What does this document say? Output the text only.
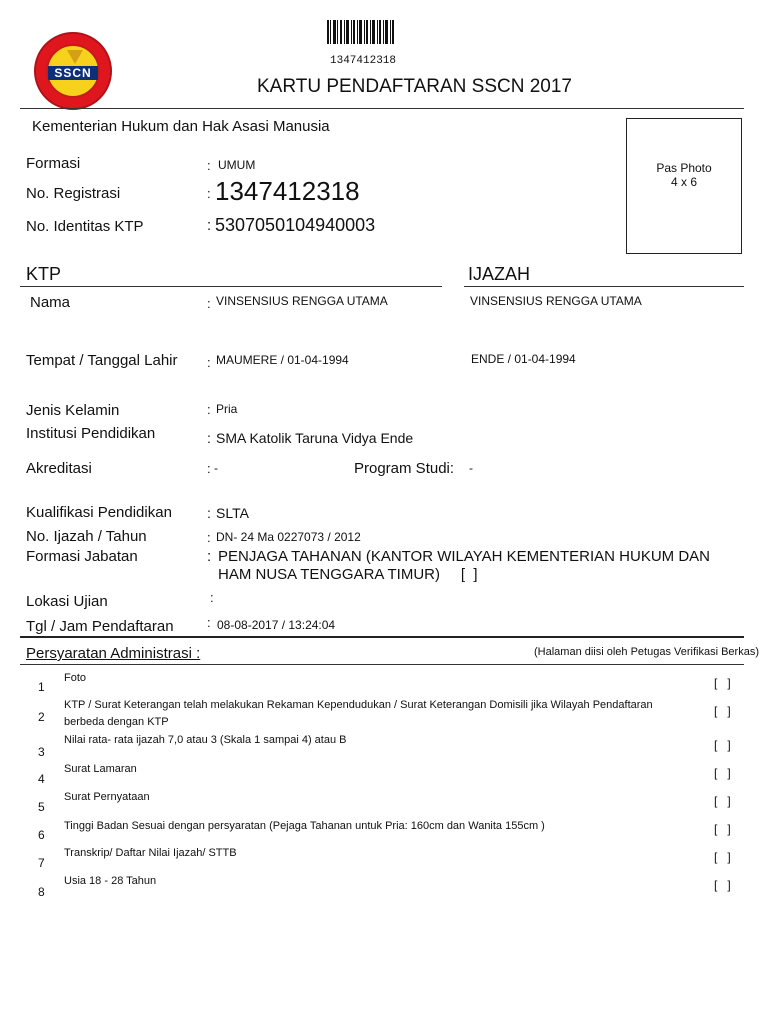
SSCN
1347412318
KARTU PENDAFTARAN SSCN 2017
Kementerian Hukum dan Hak Asasi Manusia
Pas Photo
4 x 6
Formasi	: UMUM
No. Registrasi	: 1347412318
No. Identitas KTP	: 5307050104940003
KTP	IJAZAH
Nama	: VINSENSIUS RENGGA UTAMA	VINSENSIUS RENGGA UTAMA
Tempat / Tanggal Lahir : MAUMERE / 01-04-1994	ENDE / 01-04-1994
Jenis Kelamin	: Pria
Institusi Pendidikan	: SMA Katolik Taruna Vidya Ende
Akreditasi	: -	Program Studi: -
Kualifikasi Pendidikan	: SLTA
No. Ijazah / Tahun	: DN- 24 Ma 0227073 / 2012
Formasi Jabatan	: PENJAGA TAHANAN (KANTOR WILAYAH KEMENTERIAN HUKUM DAN
HAM NUSA TENGGARA TIMUR)     [  ]
Lokasi Ujian	:
Tgl / Jam Pendaftaran	: 08-08-2017 / 13:24:04
Persyaratan Administrasi :	(Halaman diisi oleh Petugas Verifikasi Berkas)
1
Foto	[   ]
2
KTP / Surat Keterangan telah melakukan Rekaman Kependudukan / Surat Keterangan Domisili jika Wilayah Pendaftaran
berbeda dengan KTP
[   ]
3
Nilai rata- rata ijazah 7,0 atau 3 (Skala 1 sampai 4) atau B	[   ]
4
Surat Lamaran	[   ]
5
Surat Pernyataan	[   ]
6
Tinggi Badan Sesuai dengan persyaratan (Pejaga Tahanan untuk Pria: 160cm dan Wanita 155cm )	[   ]
7
Transkrip/ Daftar Nilai Ijazah/ STTB	[   ]
8
Usia 18 - 28 Tahun	[   ]
